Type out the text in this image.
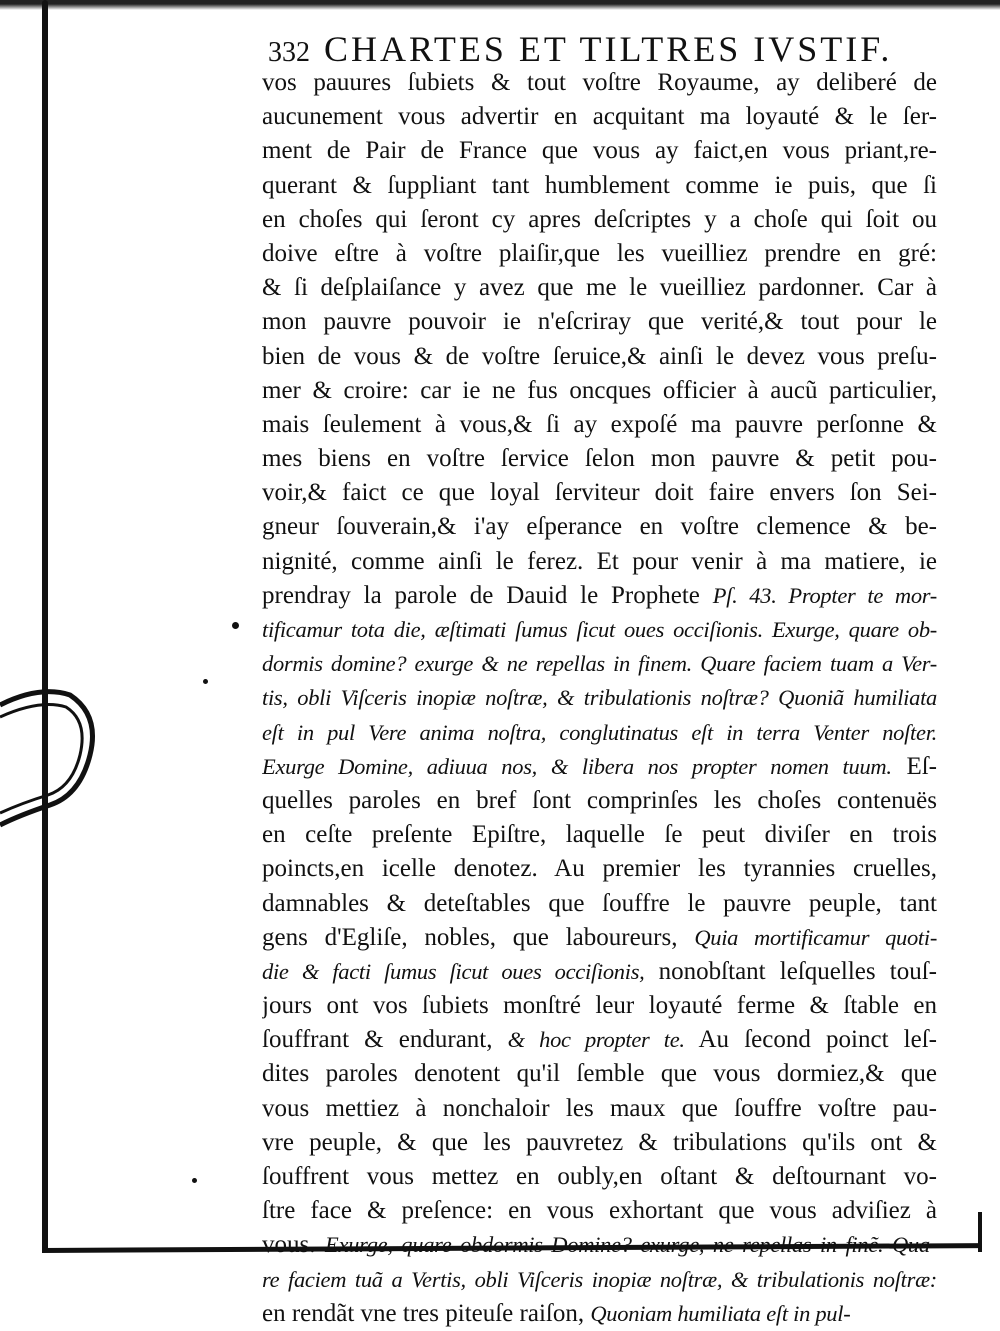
332 CHARTES ET TILTRES IVSTIF.
vos pauures ſubiets & tout voſtre Royaume, ay deliberé de
aucunement vous advertir en acquitant ma loyauté & le ſer-
ment de Pair de France que vous ay faict,en vous priant,re-
querant & ſuppliant tant humblement comme ie puis, que ſi
en choſes qui ſeront cy apres deſcriptes y a choſe qui ſoit ou
doive eſtre à voſtre plaiſir,que les vueilliez prendre en gré:
& ſi deſplaiſance y avez que me le vueilliez pardonner. Car à
mon pauvre pouvoir ie n'eſcriray que verité,& tout pour le
bien de vous & de voſtre ſeruice,& ainſi le devez vous preſu-
mer & croire: car ie ne fus oncques officier à aucũ particulier,
mais ſeulement à vous,& ſi ay expoſé ma pauvre perſonne &
mes biens en voſtre ſervice ſelon mon pauvre & petit pou-
voir,& faict ce que loyal ſerviteur doit faire envers ſon Sei-
gneur ſouverain,& i'ay eſperance en voſtre clemence & be-
nignité, comme ainſi le ferez. Et pour venir à ma matiere, ie
prendray la parole de Dauid le Prophete Pſ. 43. Propter te mor-
tificamur tota die, æſtimati ſumus ſicut oues occiſionis. Exurge, quare ob-
dormis domine? exurge & ne repellas in finem. Quare faciem tuam a Ver-
tis, obli Viſceris inopiæ noſtræ, & tribulationis noſtræ? Quoniã humiliata
eſt in pul Vere anima noſtra, conglutinatus eſt in terra Venter noſter.
Exurge Domine, adiuua nos, & libera nos propter nomen tuum. Eſ-
quelles paroles en bref ſont comprinſes les choſes contenuës
en ceſte preſente Epiſtre, laquelle ſe peut diviſer en trois
poincts,en icelle denotez. Au premier les tyrannies cruelles,
damnables & deteſtables que ſouffre le pauvre peuple, tant
gens d'Egliſe, nobles, que laboureurs, Quia mortificamur quoti-
die & facti ſumus ſicut oues occiſionis, nonobſtant leſquelles touſ-
jours ont vos ſubiets monſtré leur loyauté ferme & ſtable en
ſouffrant & endurant, & hoc propter te. Au ſecond poinct leſ-
dites paroles denotent qu'il ſemble que vous dormiez,& que
vous mettiez à nonchaloir les maux que ſouffre voſtre pau-
vre peuple, & que les pauvretez & tribulations qu'ils ont &
ſouffrent vous mettez en oubly,en oſtant & deſtournant vo-
ſtre face & preſence: en vous exhortant que vous adviſiez à
vous. Exurge, quare obdormis Domine? exurge, ne repellas in finẽ. Qua-
re faciem tuã a Vertis, obli Viſceris inopiæ noſtræ, & tribulationis noſtræ:
en rendãt vne tres piteuſe raiſon, Quoniam humiliata eſt in pul-
